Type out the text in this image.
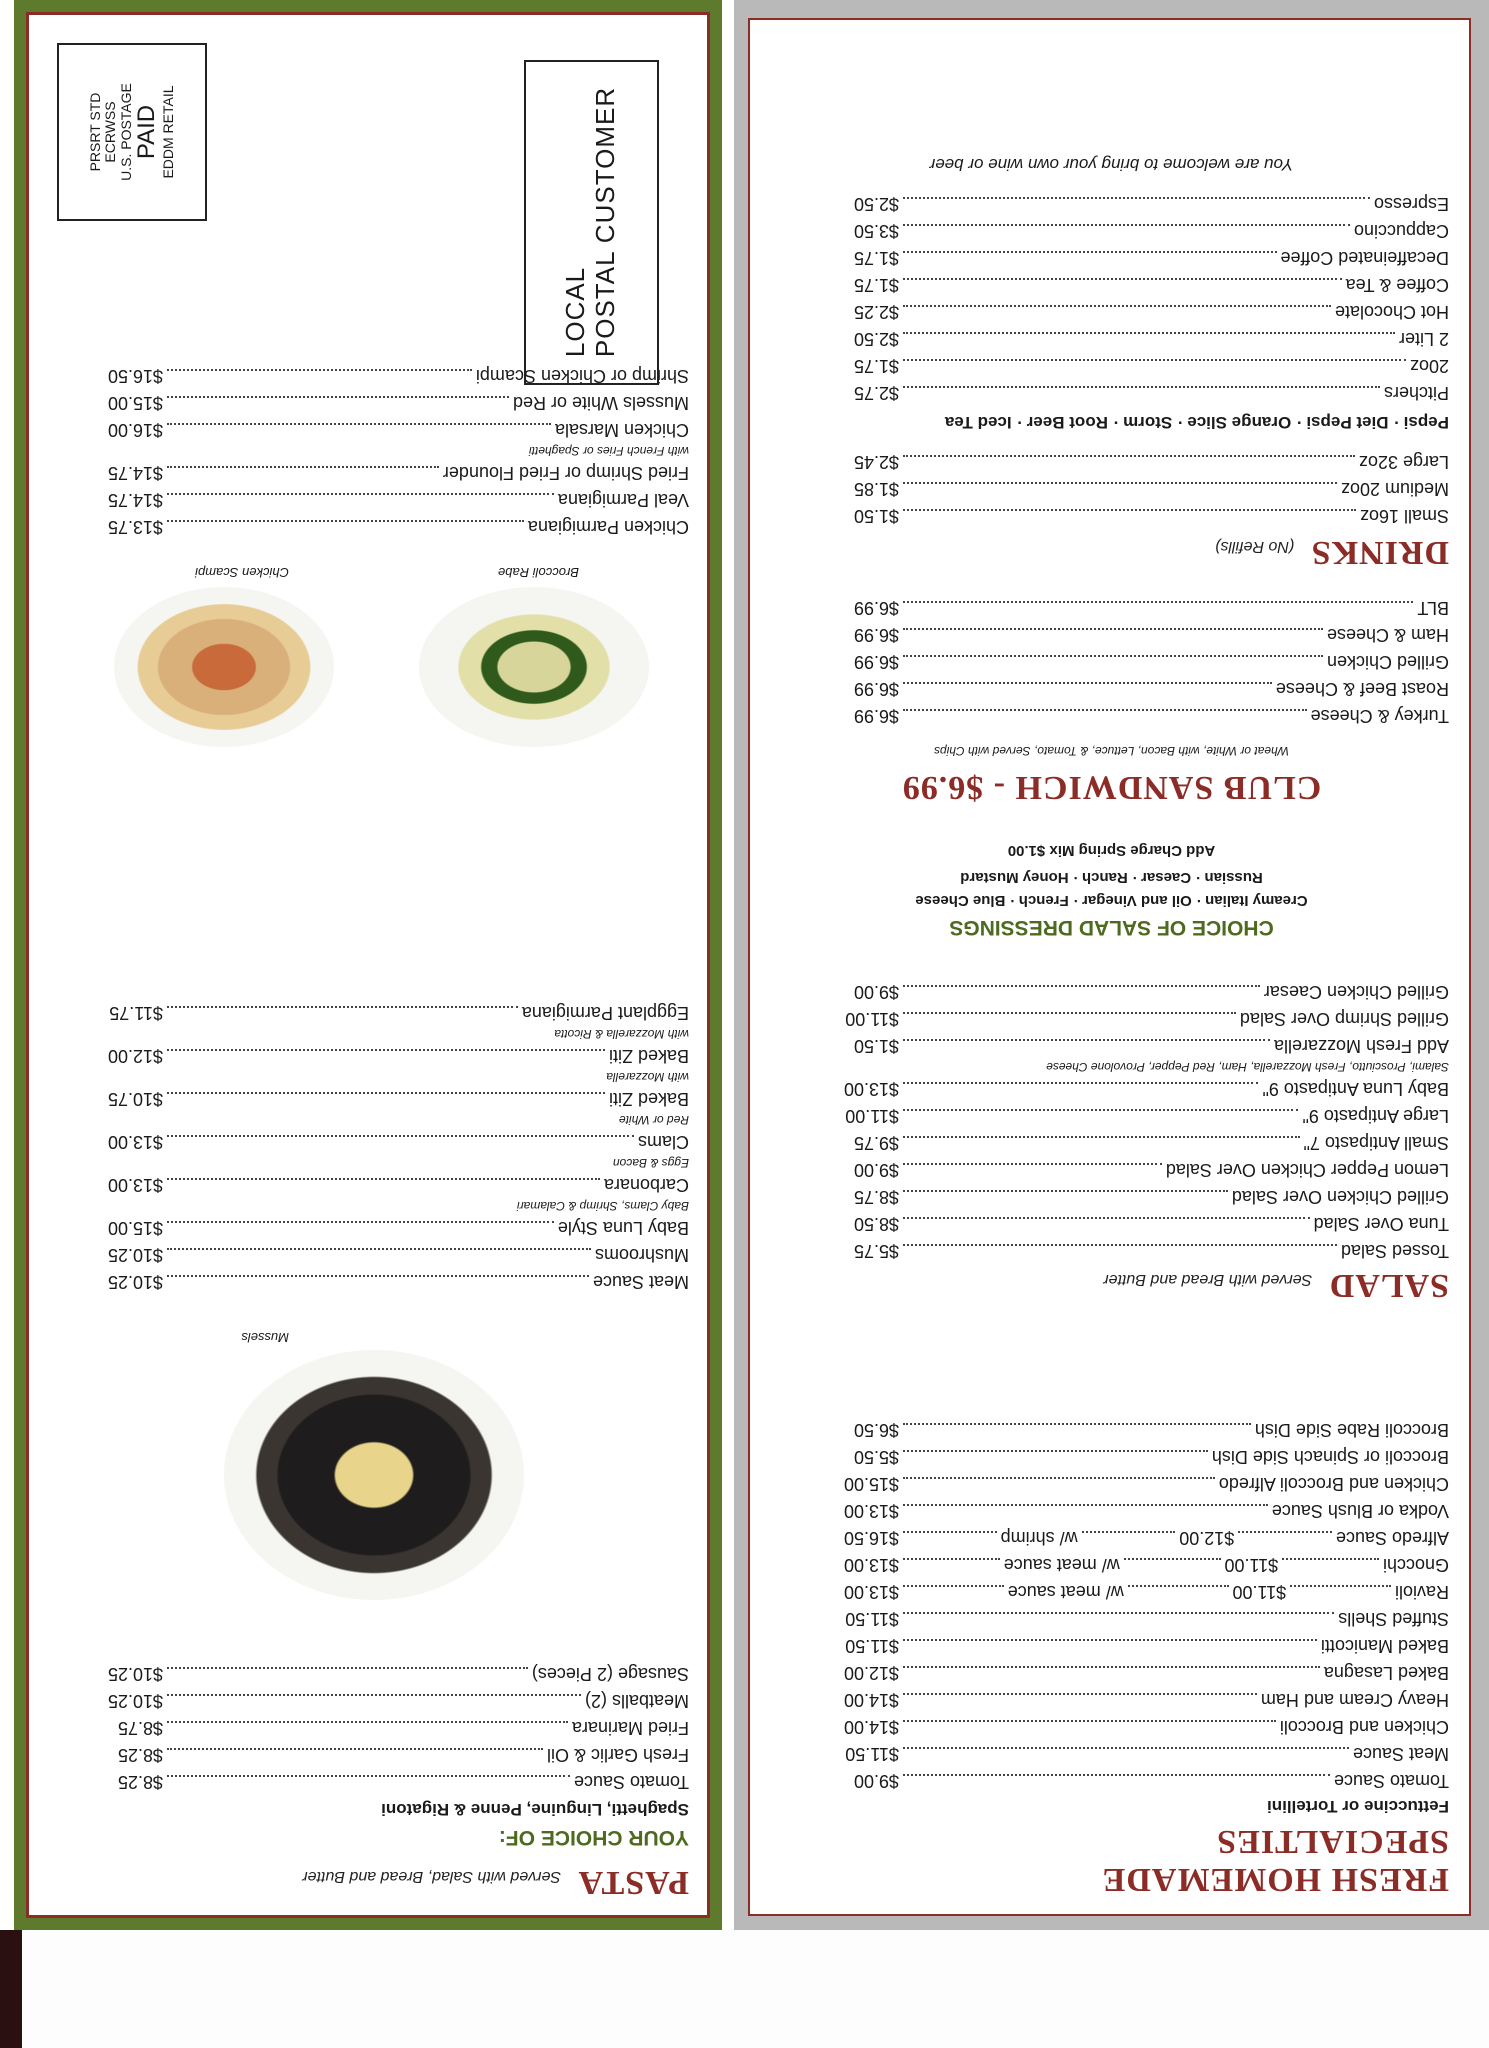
PASTA Served with Salad, Bread and Butter
YOUR CHOICE OF:
Spaghetti, Linguine, Penne & Rigatoni
Tomato Sauce
$8.25
Fresh Garlic & Oil
$8.25
Fried Marinara
$8.75
Meatballs (2)
$10.25
Sausage (2 Pieces)
$10.25
Mussels
Meat Sauce
$10.25
Mushrooms
$10.25
Baby Luna Style
$15.00
Baby Clams, Shrimp & Calamari
Carbonara
$13.00
Eggs & Bacon
Clams
$13.00
Red or White
Baked Ziti
$10.75
with Mozzarella
Baked Ziti
$12.00
with Mozzarella & Ricotta
Eggplant Parmigiana
$11.75
Chicken Scampi	Broccoli Rabe
Chicken Parmigiana
$13.75
Veal Parmigiana
$14.75
Fried Shrimp or Fried Flounder
$14.75
with French Fries or Spaghetti
Chicken Marsala
$16.00
Mussels White or Red
$15.00
Shrimp or Chicken Scampi
$16.50
LOCAL POSTAL CUSTOMER
PRSRT STD ECRWSS U.S. POSTAGE PAID EDDM RETAIL
FRESH HOMEMADE
SPECIALTIES
Fettuccine or Tortellini
Tomato Sauce
$9.00
Meat Sauce
$11.50
Chicken and Broccoli
$14.00
Heavy Cream and Ham
$14.00
Baked Lasagna
$12.00
Baked Manicotti
$11.50
Stuffed Shells
$11.50
Ravioli
$11.00
w/ meat sauce
$13.00
Gnocchi
$11.00
w/ meat sauce
$13.00
Alfredo Sauce
$12.00
w/ shrimp
$16.50
Vodka or Blush Sauce
$13.00
Chicken and Broccoli Alfredo
$15.00
Broccoli or Spinach Side Dish
$5.50
Broccoli Rabe Side Dish
$6.50
SALAD Served with Bread and Butter
Tossed Salad
$5.75
Tuna Over Salad
$8.50
Grilled Chicken Over Salad
$8.75
Lemon Pepper Chicken Over Salad
$9.00
Small Antipasto 7"
$9.75
Large Antipasto 9"
$11.00
Baby Luna Antipasto 9"
$13.00
Salami, Prosciutto, Fresh Mozzarella, Ham, Red Pepper, Provolone Cheese
Add Fresh Mozzarella
$1.50
Grilled Shrimp Over Salad
$11.00
Grilled Chicken Caesar
$9.00
CHOICE OF SALAD DRESSINGS
Creamy Italian · Oil and Vinegar · French · Blue Cheese
Russian · Caesar · Ranch · Honey Mustard
Add Charge Spring Mix $1.00
CLUB SANDWICH - $6.99
Wheat or White, with Bacon, Lettuce, & Tomato, Served with Chips
Turkey & Cheese
$6.99
Roast Beef & Cheese
$6.99
Grilled Chicken
$6.99
Ham & Cheese
$6.99
BLT
$6.99
DRINKS (No Refills)
Small 16oz
$1.50
Medium 20oz
$1.85
Large 32oz
$2.45
Pepsi · Diet Pepsi · Orange Slice · Storm · Root Beer · Iced Tea
Pitchers
$2.75
20oz
$1.75
2 Liter
$2.50
Hot Chocolate
$2.25
Coffee & Tea
$1.75
Decaffeinated Coffee
$1.75
Cappuccino
$3.50
Espresso
$2.50
You are welcome to bring your own wine or beer
